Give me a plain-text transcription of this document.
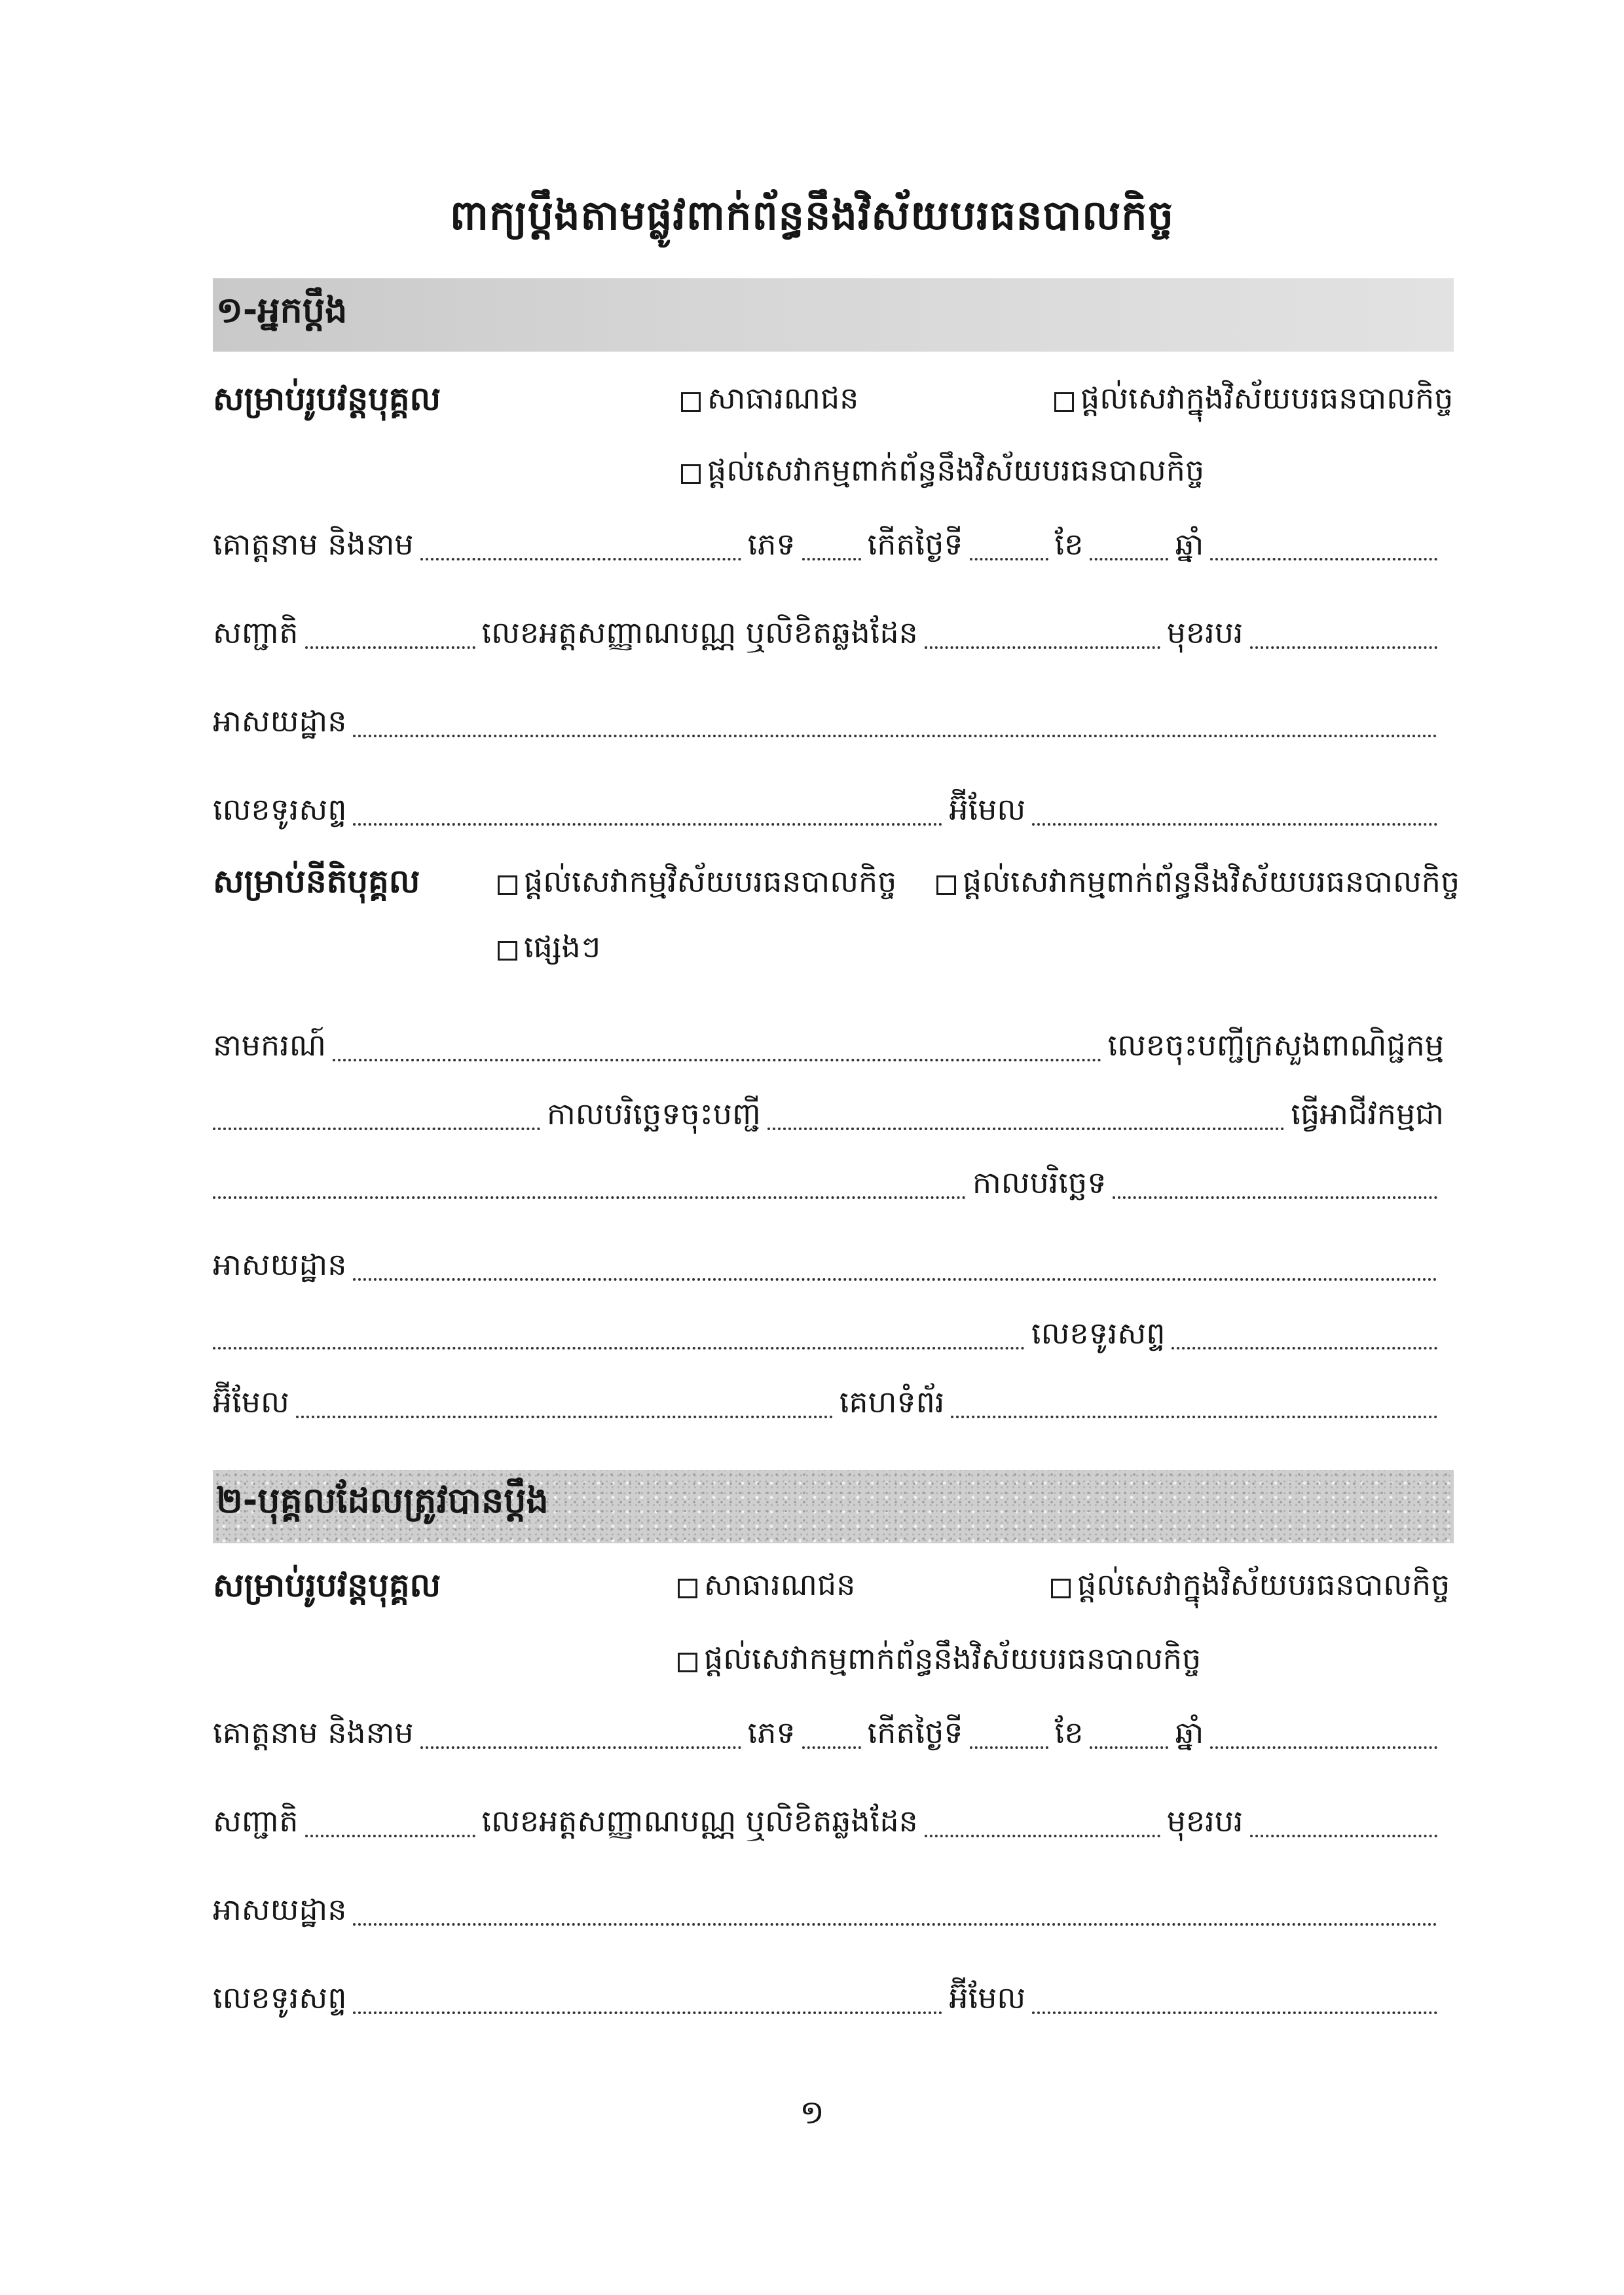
ពាក្យប្តឹងតាមផ្លូវពាក់ព័ន្ធនឹងវិស័យបរធនបាលកិច្ច
១-អ្នកប្តឹង
សម្រាប់រូបវន្តបុគ្គល	សាធារណជន	ផ្តល់សេវាក្នុងវិស័យបរធនបាលកិច្ច
ផ្តល់សេវាកម្មពាក់ព័ន្ធនឹងវិស័យបរធនបាលកិច្ច
គោត្តនាម និងនាម	ភេទ កើតថ្ងៃទី	ខែ	ឆ្នាំ
សញ្ជាតិ	លេខអត្តសញ្ញាណបណ្ណ ឬលិខិតឆ្លងដែន	មុខរបរ
អាសយដ្ឋាន
លេខទូរសព្ទ	អ៊ីមែល
សម្រាប់នីតិបុគ្គល	ផ្តល់សេវាកម្មវិស័យបរធនបាលកិច្ច ផ្តល់សេវាកម្មពាក់ព័ន្ធនឹងវិស័យបរធនបាលកិច្ច
ផ្សេងៗ
នាមករណ៍	លេខចុះបញ្ជីក្រសួងពាណិជ្ជកម្ម
កាលបរិច្ឆេទចុះបញ្ជី	ធ្វើអាជីវកម្មជា
កាលបរិច្ឆេទ
អាសយដ្ឋាន
លេខទូរសព្ទ
អ៊ីមែល	គេហទំព័រ
២-បុគ្គលដែលត្រូវបានប្តឹង
សម្រាប់រូបវន្តបុគ្គល	សាធារណជន	ផ្តល់សេវាក្នុងវិស័យបរធនបាលកិច្ច
ផ្តល់សេវាកម្មពាក់ព័ន្ធនឹងវិស័យបរធនបាលកិច្ច
គោត្តនាម និងនាម	ភេទ កើតថ្ងៃទី	ខែ	ឆ្នាំ
សញ្ជាតិ	លេខអត្តសញ្ញាណបណ្ណ ឬលិខិតឆ្លងដែន	មុខរបរ
អាសយដ្ឋាន
លេខទូរសព្ទ	អ៊ីមែល
១
